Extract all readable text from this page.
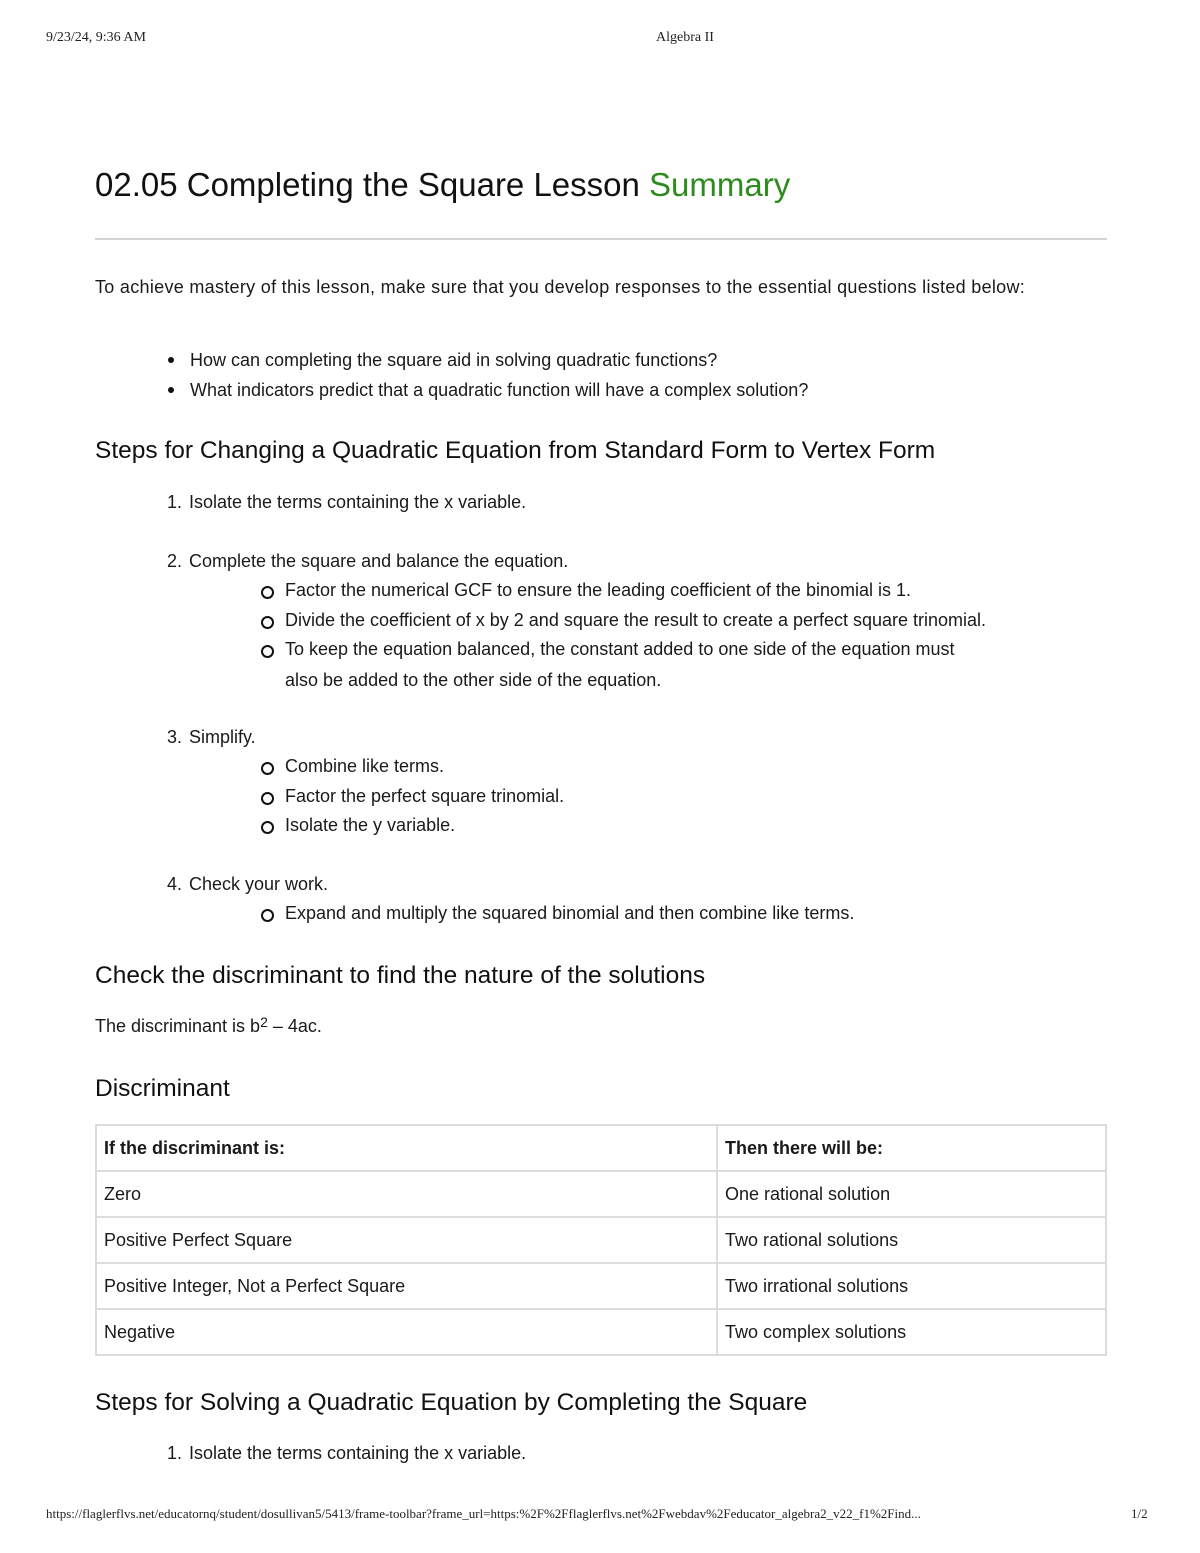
9/23/24, 9:36 AM	Algebra II
02.05 Completing the Square Lesson Summary

To achieve mastery of this lesson, make sure that you develop responses to the essential questions listed below:

How can completing the square aid in solving quadratic functions?
What indicators predict that a quadratic function will have a complex solution?
Steps for Changing a Quadratic Equation from Standard Form to Vertex Form
1. Isolate the terms containing the x variable.
2. Complete the square and balance the equation.
Factor the numerical GCF to ensure the leading coefficient of the binomial is 1.
Divide the coefficient of x by 2 and square the result to create a perfect square trinomial.
To keep the equation balanced, the constant added to one side of the equation must
also be added to the other side of the equation.
3. Simplify.
Combine like terms.
Factor the perfect square trinomial.
Isolate the y variable.
4. Check your work.
Expand and multiply the squared binomial and then combine like terms.
Check the discriminant to find the nature of the solutions

The discriminant is $b^2 - 4ac$.

Discriminant
If the discriminant is:	Then there will be:
Zero	One rational solution
Positive Perfect Square	Two rational solutions
Positive Integer, Not a Perfect Square	Two irrational solutions
Negative	Two complex solutions
Steps for Solving a Quadratic Equation by Completing the Square
1. Isolate the terms containing the x variable.
https://flaglerflvs.net/educatornq/student/dosullivan5/5413/frame-toolbar?frame_url=https:%2F%2Fflaglerflvs.net%2Fwebdav%2Feducator_algebra2_v22_f1%2Find...	1/2
